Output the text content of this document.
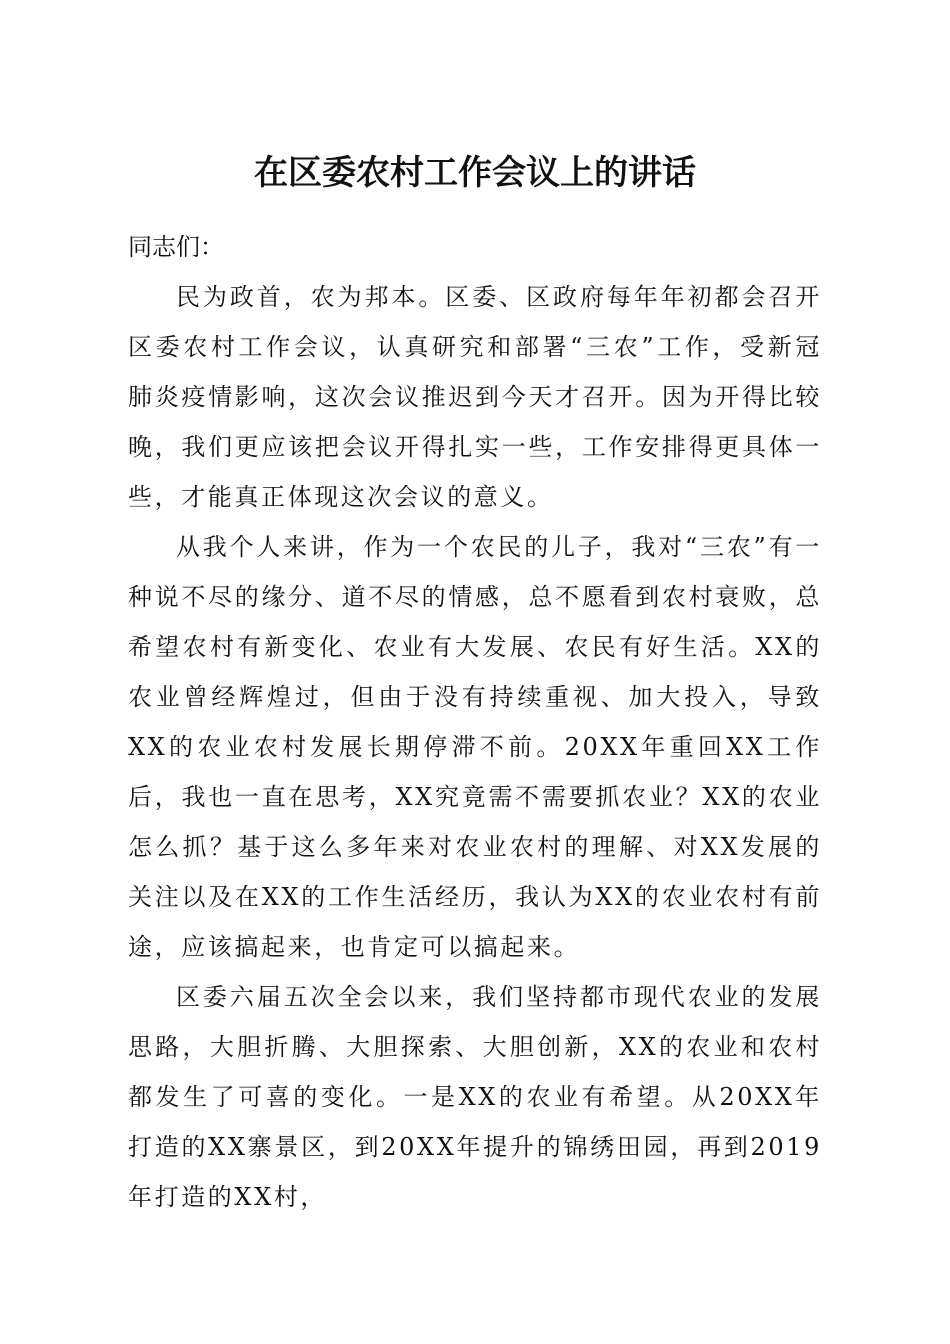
在区委农村工作会议上的讲话

同志们：

民为政首，农为邦本。区委、区政府每年年初都会召开区委农村工作会议，认真研究和部署“三农”工作，受新冠肺炎疫情影响，这次会议推迟到今天才召开。因为开得比较晚，我们更应该把会议开得扎实一些，工作安排得更具体一些，才能真正体现这次会议的意义。

从我个人来讲，作为一个农民的儿子，我对“三农”有一种说不尽的缘分、道不尽的情感，总不愿看到农村衰败，总希望农村有新变化、农业有大发展、农民有好生活。XX的农业曾经辉煌过，但由于没有持续重视、加大投入，导致XX的农业农村发展长期停滞不前。20XX年重回XX工作后，我也一直在思考，XX究竟需不需要抓农业？XX的农业怎么抓？基于这么多年来对农业农村的理解、对XX发展的关注以及在XX的工作生活经历，我认为XX的农业农村有前途，应该搞起来，也肯定可以搞起来。

区委六届五次全会以来，我们坚持都市现代农业的发展思路，大胆折腾、大胆探索、大胆创新，XX的农业和农村都发生了可喜的变化。一是XX的农业有希望。从20XX年打造的XX寨景区，到20XX年提升的锦绣田园，再到2019年打造的XX村，
